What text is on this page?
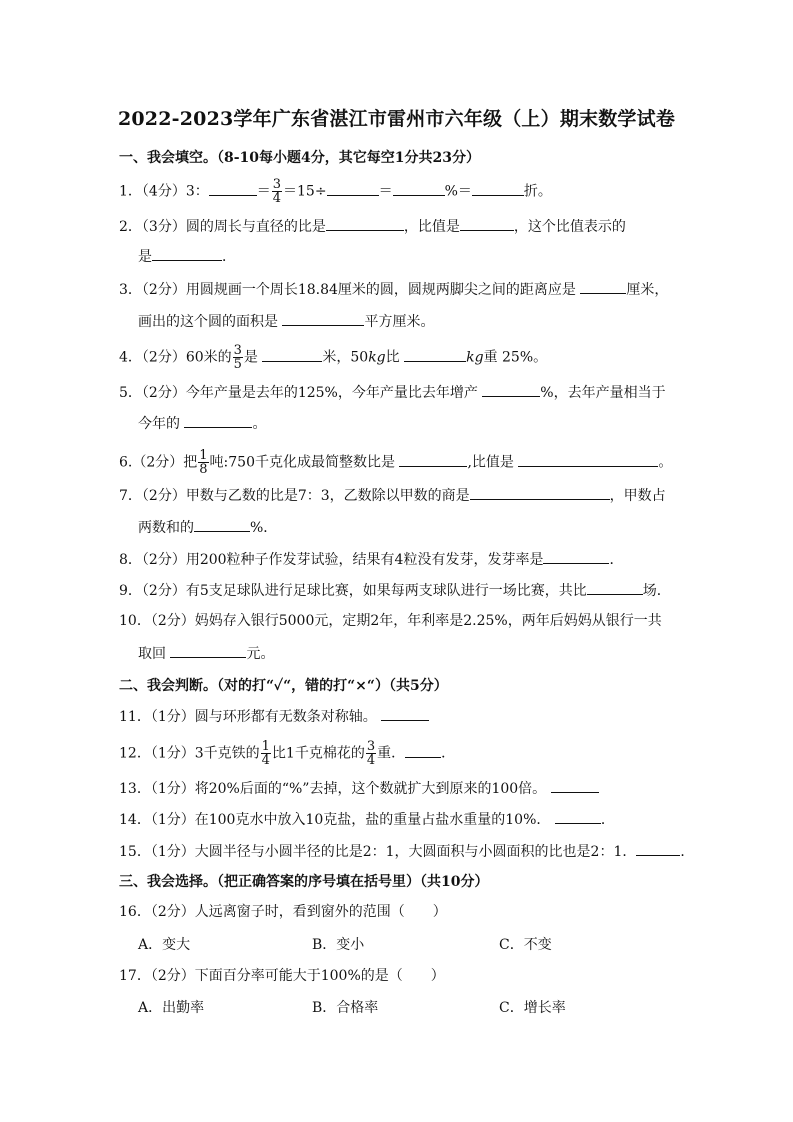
2022-2023学年广东省湛江市雷州市六年级（上）期末数学试卷
一、我会填空。（8-10每小题4分，其它每空1分共23分）
1．（4分）3：	＝ $\frac{3}{4} =15\div$	＝	%＝	折。
2．（3分）圆的周长与直径的比是	，比值是	，这个比值表示的
是	．
3．（2分）用圆规画一个周长18.84厘米的圆，圆规两脚尖之间的距离应是	厘米，
画出的这个圆的面积是	平方厘米。
4．（2分）60米的 $\frac{3}{5}$ 是	米，50kg比	kg重 25%。
5．（2分）今年产量是去年的125%，今年产量比去年增产	%，去年产量相当于
今年的	。
6.（2分）把 $\frac{1}{8}$ 吨:750千克化成最简整数比是	,比值是	。
7．（2分）甲数与乙数的比是7：3，乙数除以甲数的商是	，甲数占
两数和的	%．
8．（2分）用200粒种子作发芽试验，结果有4粒没有发芽，发芽率是	．
9．（2分）有5支足球队进行足球比赛，如果每两支球队进行一场比赛，共比	场．
10．（2分）妈妈存入银行5000元，定期2年，年利率是2.25%，两年后妈妈从银行一共
取回	元。
二、我会判断。（对的打“✓“，错的打“×“）（共5分）
11．（1分）圆与环形都有无数条对称轴。
12．（1分）3千克铁的 $\frac{1}{4}$ 比1千克棉花的 $\frac{3}{4}$ 重．	．
13．（1分）将20%后面的“%”去掉，这个数就扩大到原来的100倍。
14．（1分）在100克水中放入10克盐，盐的重量占盐水重量的10%．	．
15．（1分）大圆半径与小圆半径的比是2：1，大圆面积与小圆面积的比也是2：1．	．
三、我会选择。（把正确答案的序号填在括号里）（共10分）
16．（2分）人远离窗子时，看到窗外的范围（　　）
A．变大	B．变小	C．不变
17．（2分）下面百分率可能大于100%的是（　　）
A．出勤率	B．合格率	C．增长率
